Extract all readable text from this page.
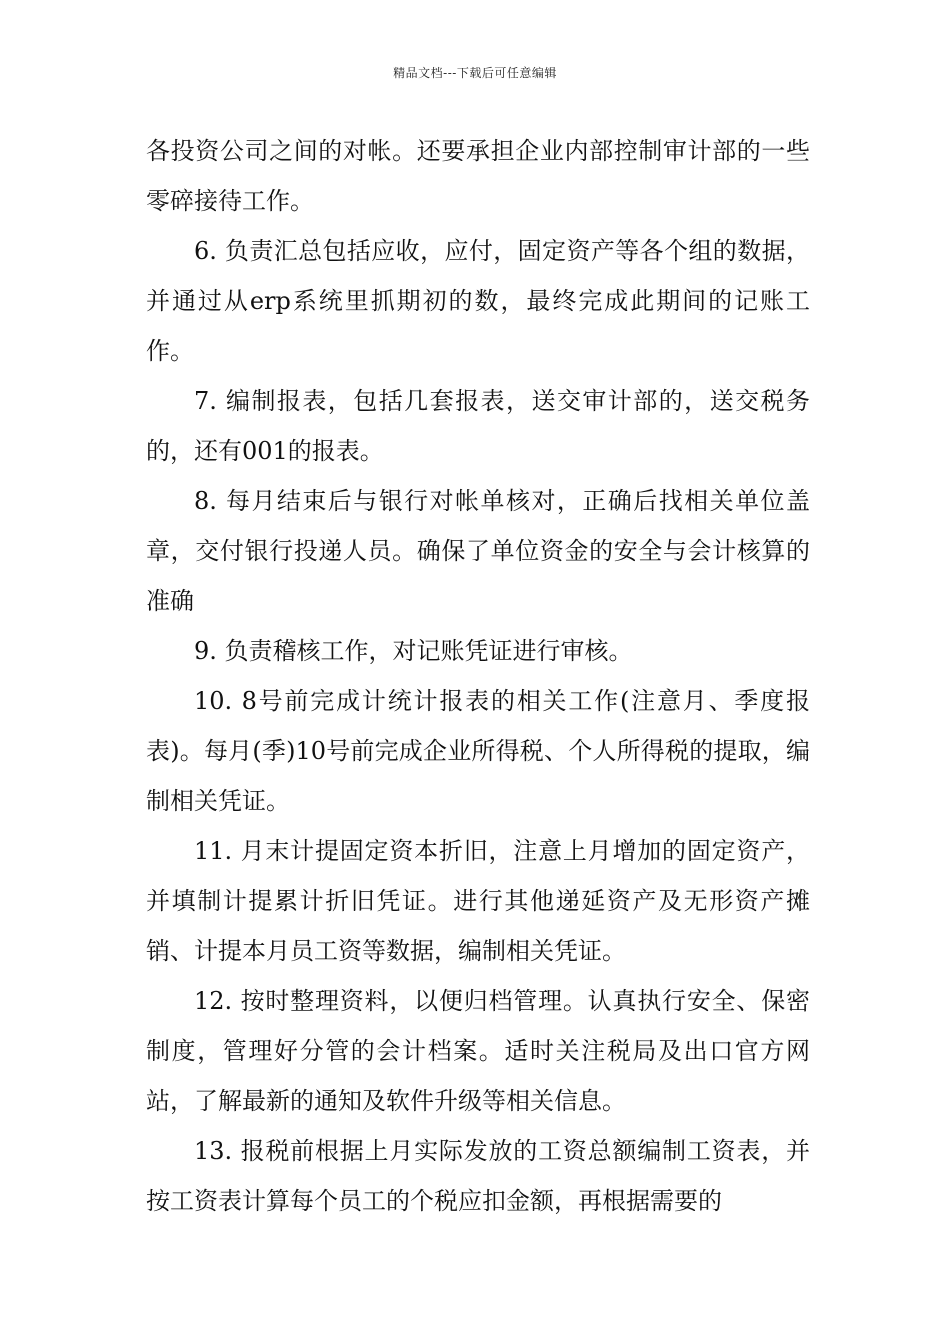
精品文档---下载后可任意编辑

各投资公司之间的对帐。还要承担企业内部控制审计部的一些零碎接待工作。

6. 负责汇总包括应收，应付，固定资产等各个组的数据，并通过从erp系统里抓期初的数，最终完成此期间的记账工作。

7. 编制报表，包括几套报表，送交审计部的，送交税务的，还有001的报表。

8. 每月结束后与银行对帐单核对，正确后找相关单位盖章，交付银行投递人员。确保了单位资金的安全与会计核算的准确

9. 负责稽核工作，对记账凭证进行审核。

10. 8号前完成计统计报表的相关工作(注意月、季度报表)。每月(季)10号前完成企业所得税、个人所得税的提取，编制相关凭证。

11. 月末计提固定资本折旧，注意上月增加的固定资产，并填制计提累计折旧凭证。进行其他递延资产及无形资产摊销、计提本月员工资等数据，编制相关凭证。

12. 按时整理资料，以便归档管理。认真执行安全、保密制度，管理好分管的会计档案。适时关注税局及出口官方网站，了解最新的通知及软件升级等相关信息。

13. 报税前根据上月实际发放的工资总额编制工资表，并按工资表计算每个员工的个税应扣金额，再根据需要的
